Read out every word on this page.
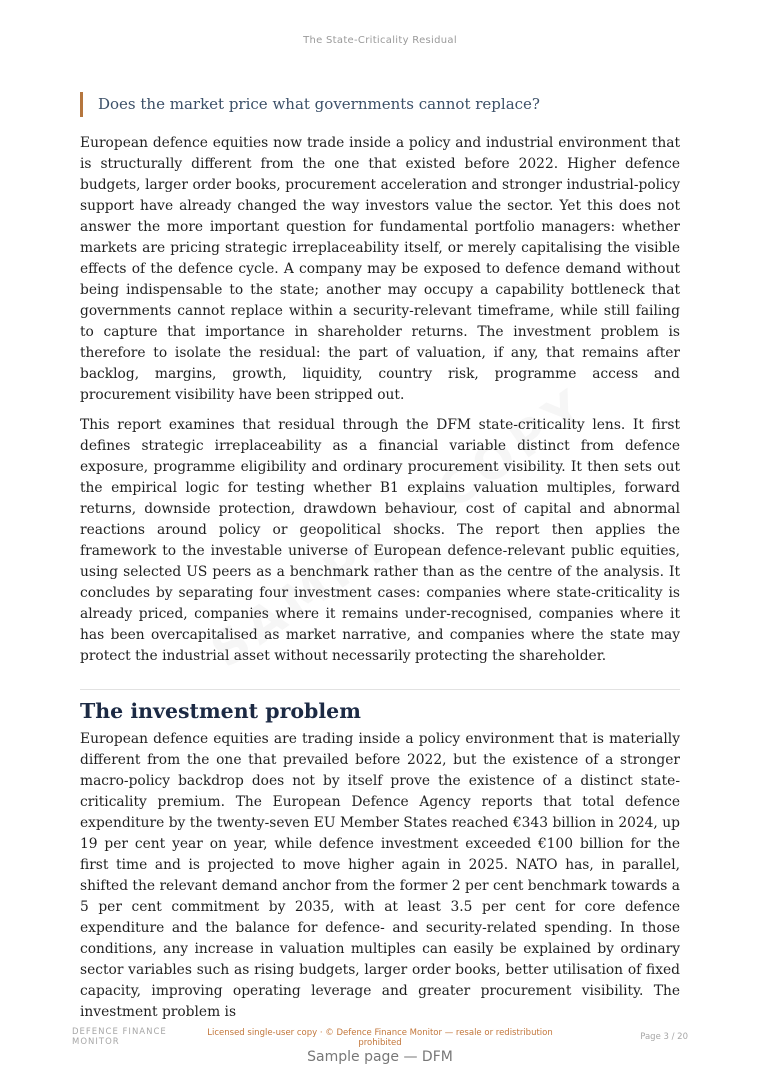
The State-Criticality Residual
Does the market price what governments cannot replace?

European defence equities now trade inside a policy and industrial environment that is structurally different from the one that existed before 2022. Higher defence budgets, larger order books, procurement acceleration and stronger industrial-policy support have already changed the way investors value the sector. Yet this does not answer the more important question for fundamental portfolio managers: whether markets are pricing strategic irreplaceability itself, or merely capitalising the visible effects of the defence cycle. A company may be exposed to defence demand without being indispensable to the state; another may occupy a capability bottleneck that governments cannot replace within a security-relevant timeframe, while still failing to capture that importance in shareholder returns. The investment problem is therefore to isolate the residual: the part of valuation, if any, that remains after backlog, margins, growth, liquidity, country risk, programme access and procurement visibility have been stripped out.

This report examines that residual through the DFM state-criticality lens. It first defines strategic irreplaceability as a financial variable distinct from defence exposure, programme eligibility and ordinary procurement visibility. It then sets out the empirical logic for testing whether B1 explains valuation multiples, forward returns, downside protection, drawdown behaviour, cost of capital and abnormal reactions around policy or geopolitical shocks. The report then applies the framework to the investable universe of European defence-relevant public equities, using selected US peers as a benchmark rather than as the centre of the analysis. It concludes by separating four investment cases: companies where state-criticality is already priced, companies where it remains under-recognised, companies where it has been overcapitalised as market narrative, and companies where the state may protect the industrial asset without necessarily protecting the shareholder.

The investment problem

European defence equities are trading inside a policy environment that is materially different from the one that prevailed before 2022, but the existence of a stronger macro-policy backdrop does not by itself prove the existence of a distinct state-criticality premium. The European Defence Agency reports that total defence expenditure by the twenty-seven EU Member States reached €343 billion in 2024, up 19 per cent year on year, while defence investment exceeded €100 billion for the first time and is projected to move higher again in 2025. NATO has, in parallel, shifted the relevant demand anchor from the former 2 per cent benchmark towards a 5 per cent commitment by 2035, with at least 3.5 per cent for core defence expenditure and the balance for defence- and security-related spending. In those conditions, any increase in valuation multiples can easily be explained by ordinary sector variables such as rising budgets, larger order books, better utilisation of fixed capacity, improving operating leverage and greater procurement visibility. The investment problem is

DEFENCE FINANCE MONITOR
Licensed single-user copy · © Defence Finance Monitor — resale or redistribution prohibited
Page 3 / 20
Sample page — DFM
